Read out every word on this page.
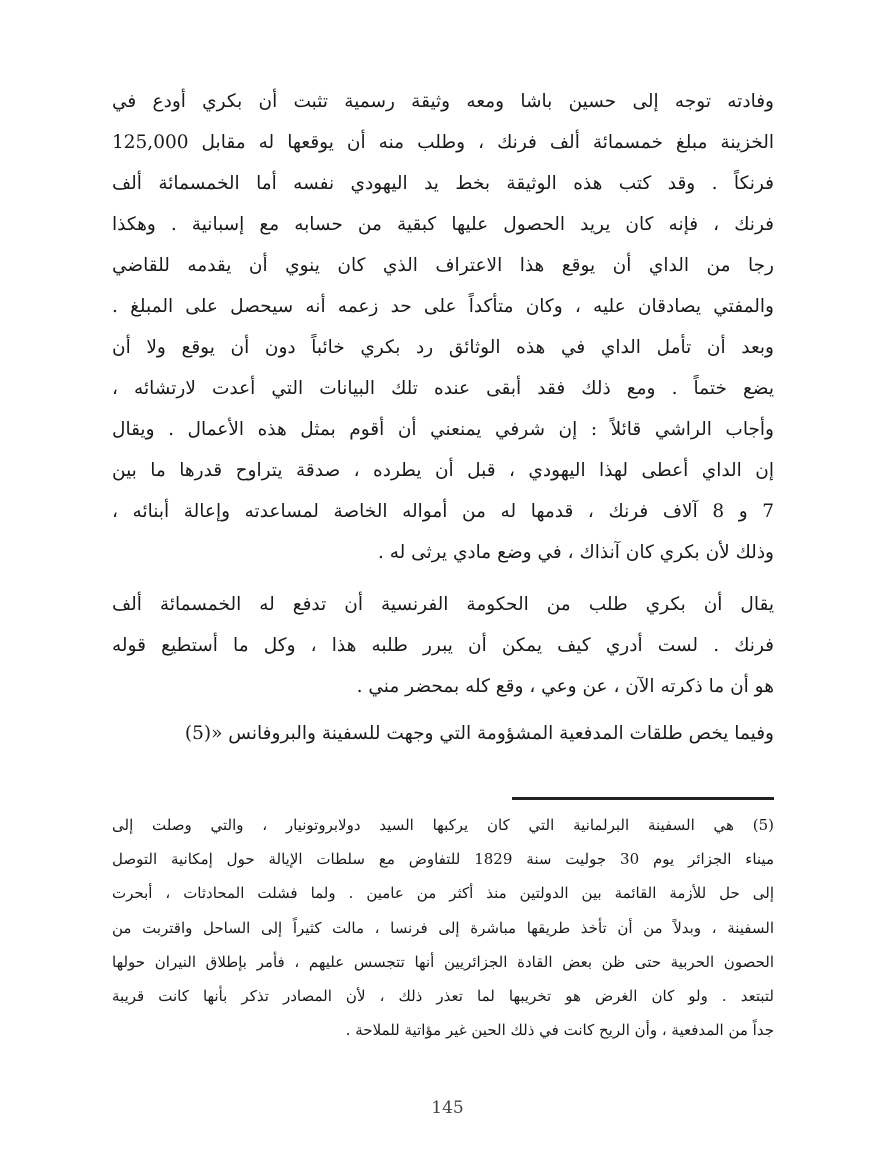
وفادته توجه إلى حسين باشا ومعه وثيقة رسمية تثبت أن بكري أودع في
الخزينة مبلغ خمسمائة ألف فرنك ، وطلب منه أن يوقعها له مقابل 125,000
فرنكاً . وقد كتب هذه الوثيقة بخط يد اليهودي نفسه أما الخمسمائة ألف
فرنك ، فإنه كان يريد الحصول عليها كبقية من حسابه مع إسبانية . وهكذا
رجا من الداي أن يوقع هذا الاعتراف الذي كان ينوي أن يقدمه للقاضي
والمفتي يصادقان عليه ، وكان متأكداً على حد زعمه أنه سيحصل على المبلغ .
وبعد أن تأمل الداي في هذه الوثائق رد بكري خائباً دون أن يوقع ولا أن
يضع ختماً . ومع ذلك فقد أبقى عنده تلك البيانات التي أعدت لارتشائه ،
وأجاب الراشي قائلاً : إن شرفي يمنعني أن أقوم بمثل هذه الأعمال . ويقال
إن الداي أعطى لهذا اليهودي ، قبل أن يطرده ، صدقة يتراوح قدرها ما بين
7 و 8 آلاف فرنك ، قدمها له من أمواله الخاصة لمساعدته وإعالة أبنائه ،
وذلك لأن بكري كان آنذاك ، في وضع مادي يرثى له .
يقال أن بكري طلب من الحكومة الفرنسية أن تدفع له الخمسمائة ألف
فرنك . لست أدري كيف يمكن أن يبرر طلبه هذا ، وكل ما أستطيع قوله
هو أن ما ذكرته الآن ، عن وعي ، وقع كله بمحضر مني .
وفيما يخص طلقات المدفعية المشؤومة التي وجهت للسفينة والبروفانس «(5)
(5) هي السفينة البرلمانية التي كان يركبها السيد دولابروتونيار ، والتي وصلت إلى
ميناء الجزائر يوم 30 جوليت سنة 1829 للتفاوض مع سلطات الإيالة حول إمكانية التوصل
إلى حل للأزمة القائمة بين الدولتين منذ أكثر من عامين . ولما فشلت المحادثات ، أبحرت
السفينة ، وبدلاً من أن تأخذ طريقها مباشرة إلى فرنسا ، مالت كثيراً إلى الساحل واقتربت من
الحصون الحربية حتى ظن بعض القادة الجزائريين أنها تتجسس عليهم ، فأمر بإطلاق النيران حولها
لتبتعد . ولو كان الغرض هو تخريبها لما تعذر ذلك ، لأن المصادر تذكر بأنها كانت قريبة
جداً من المدفعية ، وأن الريح كانت في ذلك الحين غير مؤاتية للملاحة .
145
